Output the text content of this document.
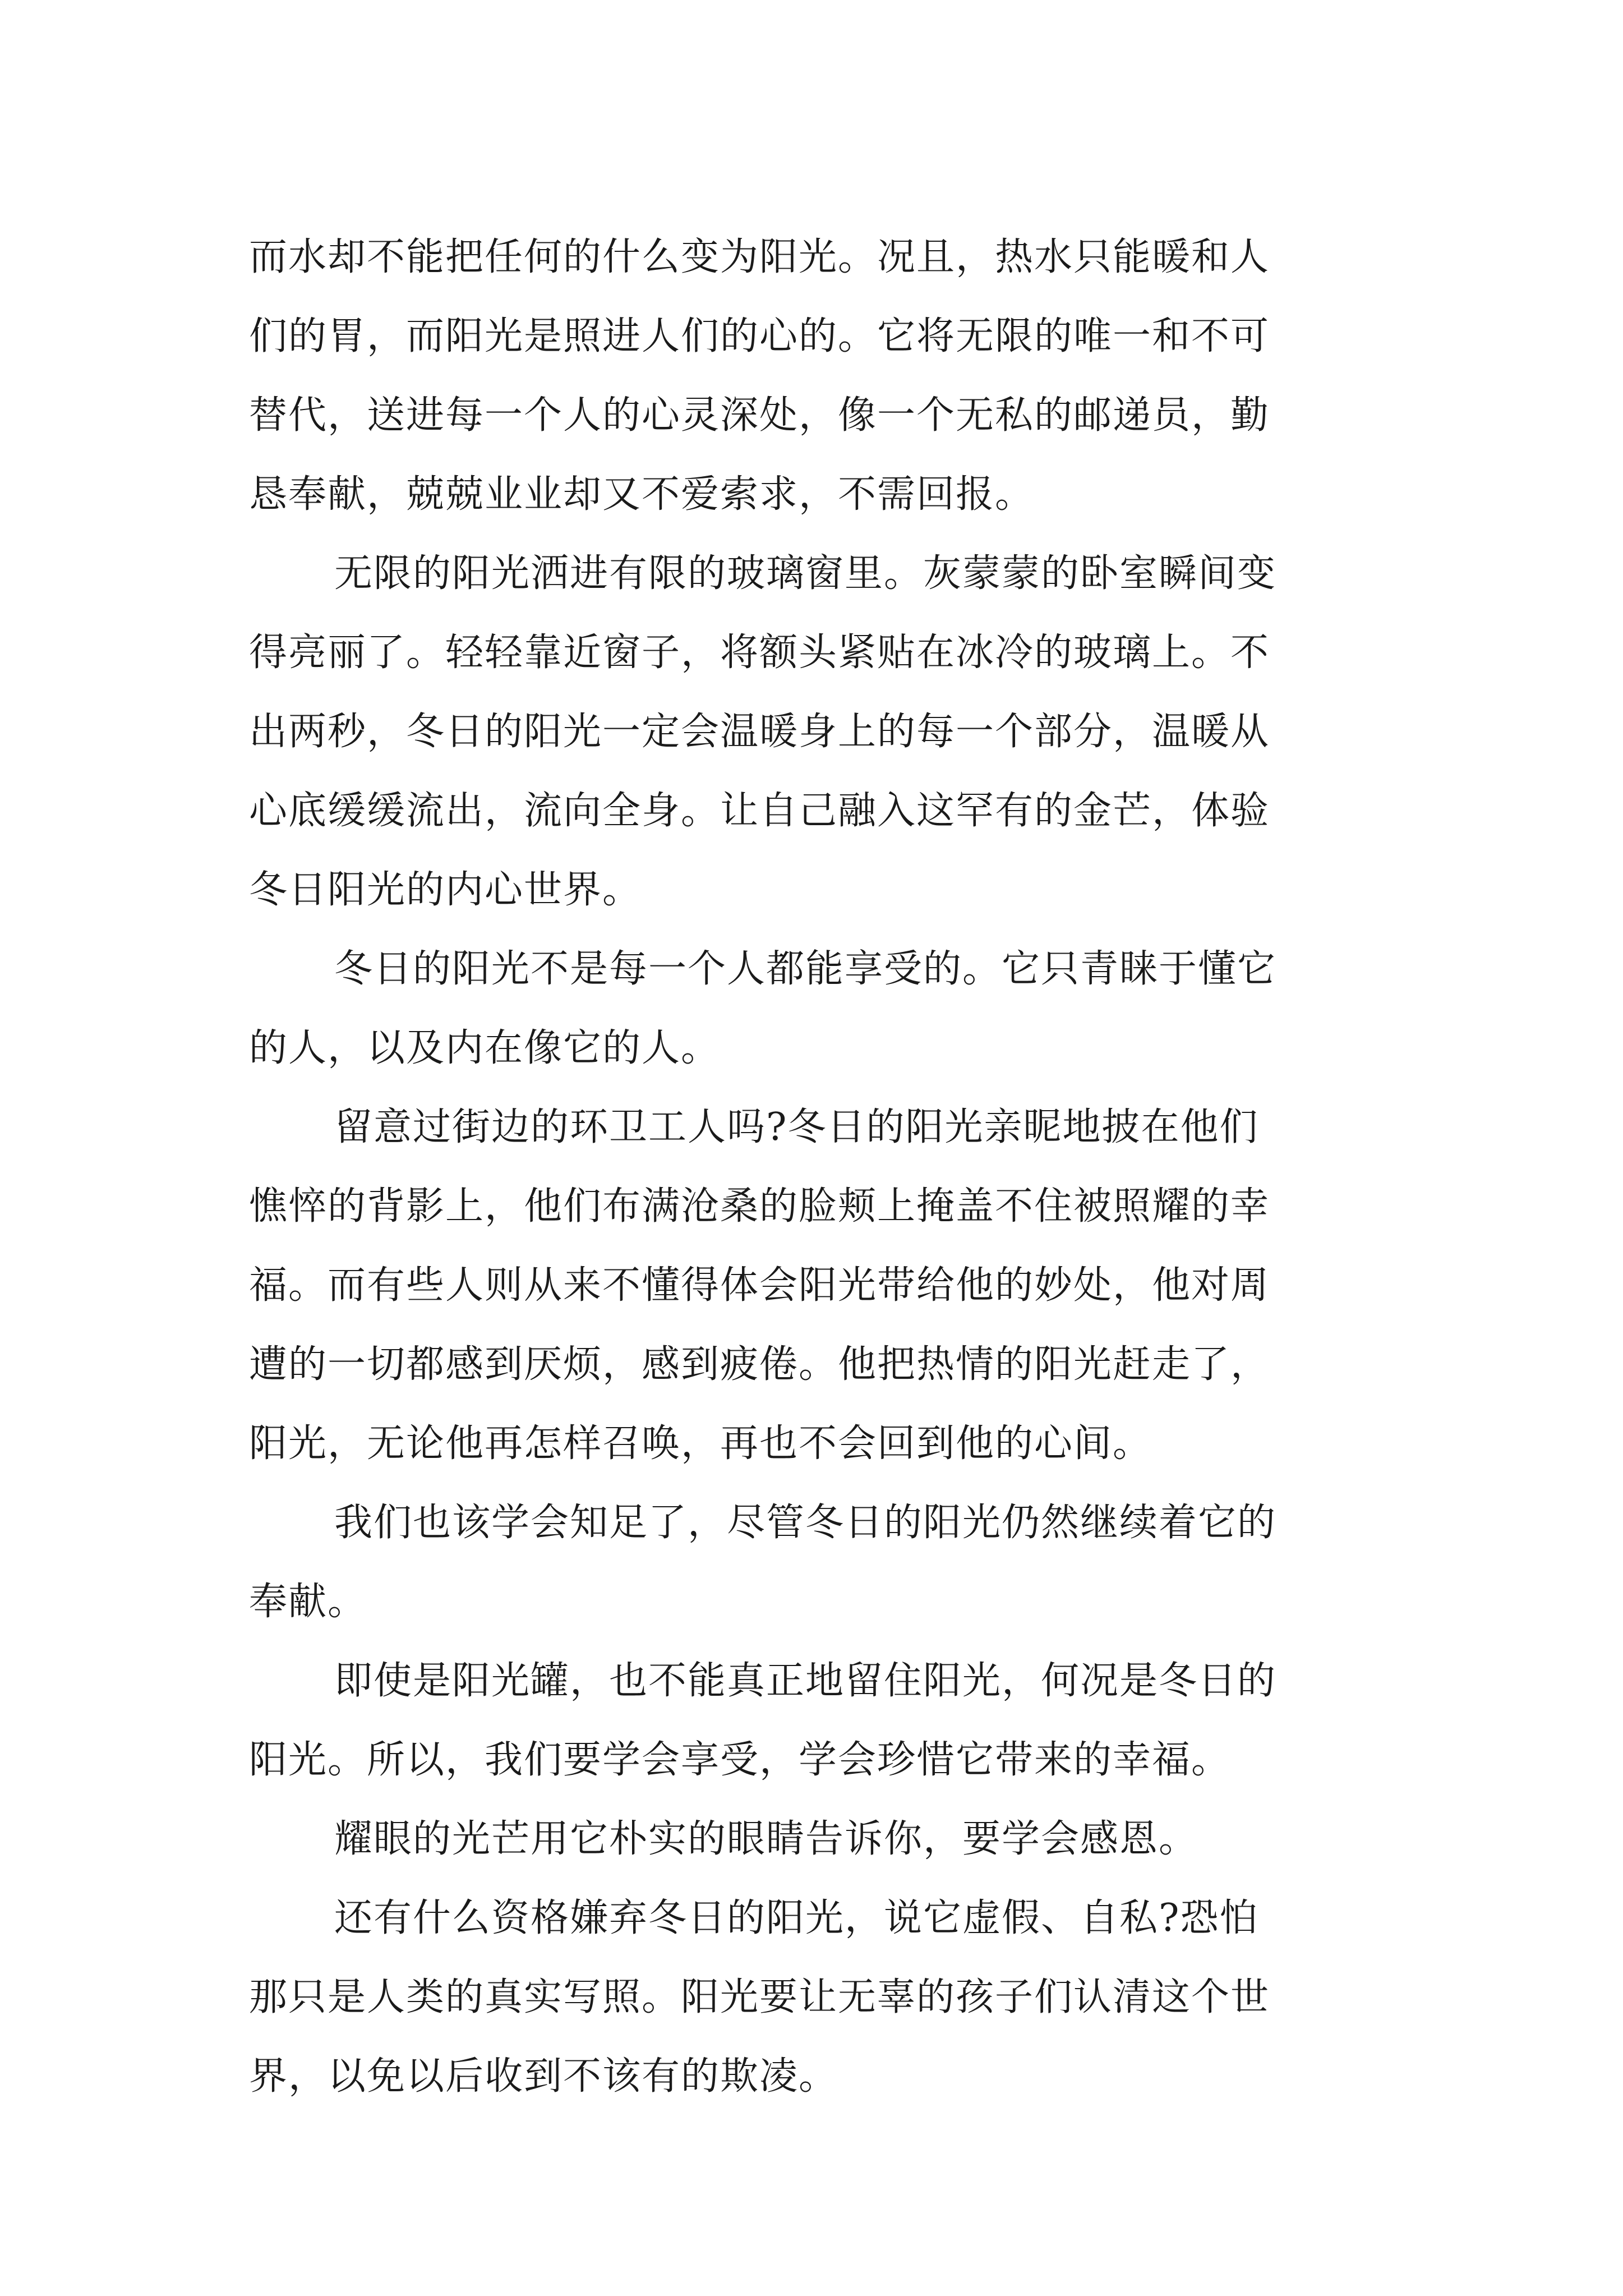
而水却不能把任何的什么变为阳光。况且，热水只能暖和人
们的胃，而阳光是照进人们的心的。它将无限的唯一和不可
替代，送进每一个人的心灵深处，像一个无私的邮递员，勤
恳奉献，兢兢业业却又不爱索求，不需回报。
无限的阳光洒进有限的玻璃窗里。灰蒙蒙的卧室瞬间变
得亮丽了。轻轻靠近窗子，将额头紧贴在冰冷的玻璃上。不
出两秒，冬日的阳光一定会温暖身上的每一个部分，温暖从
心底缓缓流出，流向全身。让自己融入这罕有的金芒，体验
冬日阳光的内心世界。
冬日的阳光不是每一个人都能享受的。它只青睐于懂它
的人，以及内在像它的人。
留意过街边的环卫工人吗?冬日的阳光亲昵地披在他们
憔悴的背影上，他们布满沧桑的脸颊上掩盖不住被照耀的幸
福。而有些人则从来不懂得体会阳光带给他的妙处，他对周
遭的一切都感到厌烦，感到疲倦。他把热情的阳光赶走了，
阳光，无论他再怎样召唤，再也不会回到他的心间。
我们也该学会知足了，尽管冬日的阳光仍然继续着它的
奉献。
即使是阳光罐，也不能真正地留住阳光，何况是冬日的
阳光。所以，我们要学会享受，学会珍惜它带来的幸福。
耀眼的光芒用它朴实的眼睛告诉你，要学会感恩。
还有什么资格嫌弃冬日的阳光，说它虚假、自私?恐怕
那只是人类的真实写照。阳光要让无辜的孩子们认清这个世
界，以免以后收到不该有的欺凌。
